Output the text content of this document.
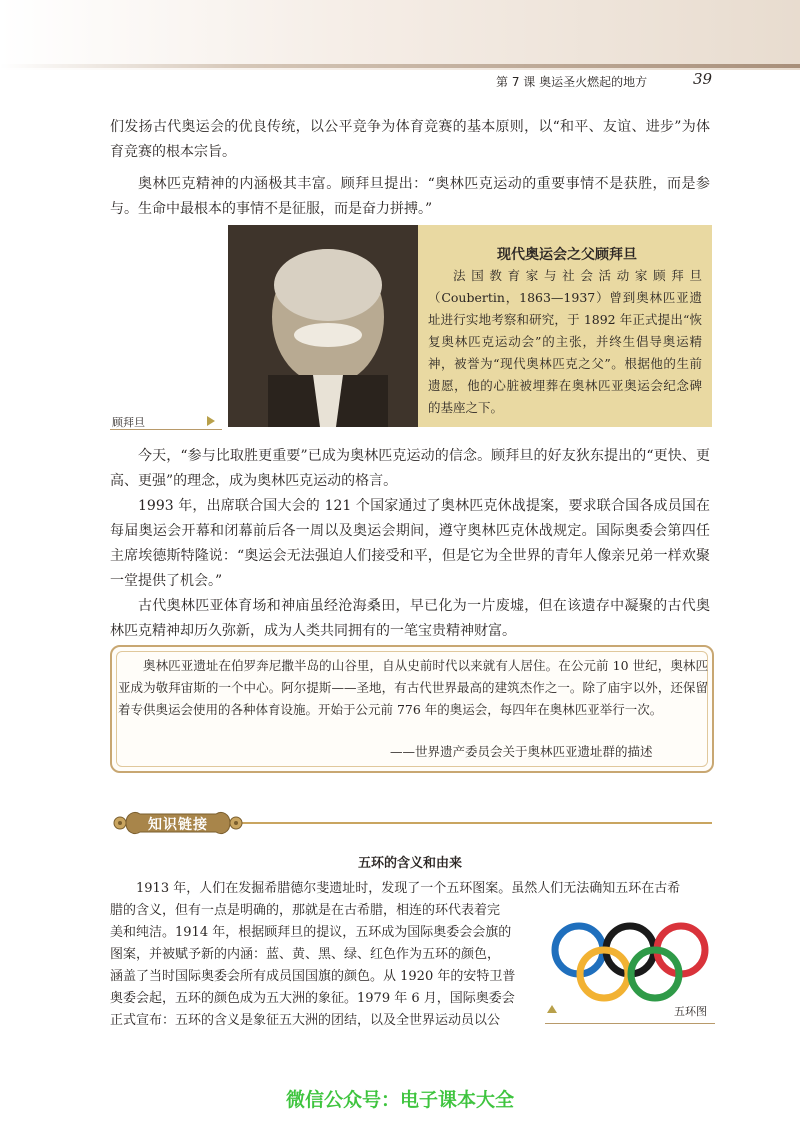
第 7 课 奥运圣火燃起的地方	39

们发扬古代奥运会的优良传统，以公平竞争为体育竞赛的基本原则，以“和平、友谊、进步”为体育竞赛的根本宗旨。

奥林匹克精神的内涵极其丰富。顾拜旦提出：“奥林匹克运动的重要事情不是获胜，而是参与。生命中最根本的事情不是征服，而是奋力拼搏。”

顾拜旦
现代奥运会之父顾拜旦

法国教育家与社会活动家顾拜旦（Coubertin，1863—1937）曾到奥林匹亚遗址进行实地考察和研究，于 1892 年正式提出“恢复奥林匹克运动会”的主张，并终生倡导奥运精神，被誉为“现代奥林匹克之父”。根据他的生前遗愿，他的心脏被埋葬在奥林匹亚奥运会纪念碑的基座之下。

今天，“参与比取胜更重要”已成为奥林匹克运动的信念。顾拜旦的好友狄东提出的“更快、更高、更强”的理念，成为奥林匹克运动的格言。

1993 年，出席联合国大会的 121 个国家通过了奥林匹克休战提案，要求联合国各成员国在每届奥运会开幕和闭幕前后各一周以及奥运会期间，遵守奥林匹克休战规定。国际奥委会第四任主席埃德斯特隆说：“奥运会无法强迫人们接受和平，但是它为全世界的青年人像亲兄弟一样欢聚一堂提供了机会。”

古代奥林匹亚体育场和神庙虽经沧海桑田，早已化为一片废墟，但在该遗存中凝聚的古代奥林匹克精神却历久弥新，成为人类共同拥有的一笔宝贵精神财富。

奥林匹亚遗址在伯罗奔尼撒半岛的山谷里，自从史前时代以来就有人居住。在公元前 10 世纪，奥林匹亚成为敬拜宙斯的一个中心。阿尔提斯——圣地，有古代世界最高的建筑杰作之一。除了庙宇以外，还保留着专供奥运会使用的各种体育设施。开始于公元前 776 年的奥运会，每四年在奥林匹亚举行一次。

——世界遗产委员会关于奥林匹亚遗址群的描述
知识链接
五环的含义和由来
1913 年，人们在发掘希腊德尔斐遗址时，发现了一个五环图案。虽然人们无法确知五环在古希
腊的含义，但有一点是明确的，那就是在古希腊，相连的环代表着完
美和纯洁。1914 年，根据顾拜旦的提议，五环成为国际奥委会会旗的
图案，并被赋予新的内涵：蓝、黄、黑、绿、红色作为五环的颜色，
涵盖了当时国际奥委会所有成员国国旗的颜色。从 1920 年的安特卫普
奥委会起，五环的颜色成为五大洲的象征。1979 年 6 月，国际奥委会
正式宣布：五环的含义是象征五大洲的团结，以及全世界运动员以公
五环图
微信公众号：电子课本大全
